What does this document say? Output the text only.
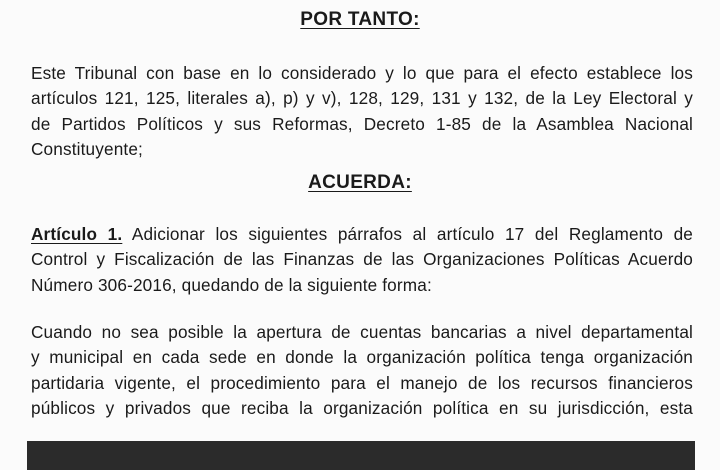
POR TANTO:
Este Tribunal con base en lo considerado y lo que para el efecto establece los
artículos 121, 125, literales a), p) y v), 128, 129, 131 y 132, de la Ley Electoral y
de Partidos Políticos y sus Reformas, Decreto 1-85 de la Asamblea Nacional
Constituyente;
ACUERDA:
Artículo 1. Adicionar los siguientes párrafos al artículo 17 del Reglamento de
Control y Fiscalización de las Finanzas de las Organizaciones Políticas Acuerdo
Número 306-2016, quedando de la siguiente forma:
Cuando no sea posible la apertura de cuentas bancarias a nivel departamental
y municipal en cada sede en donde la organización política tenga organización
partidaria vigente, el procedimiento para el manejo de los recursos financieros
públicos y privados que reciba la organización política en su jurisdicción, esta
